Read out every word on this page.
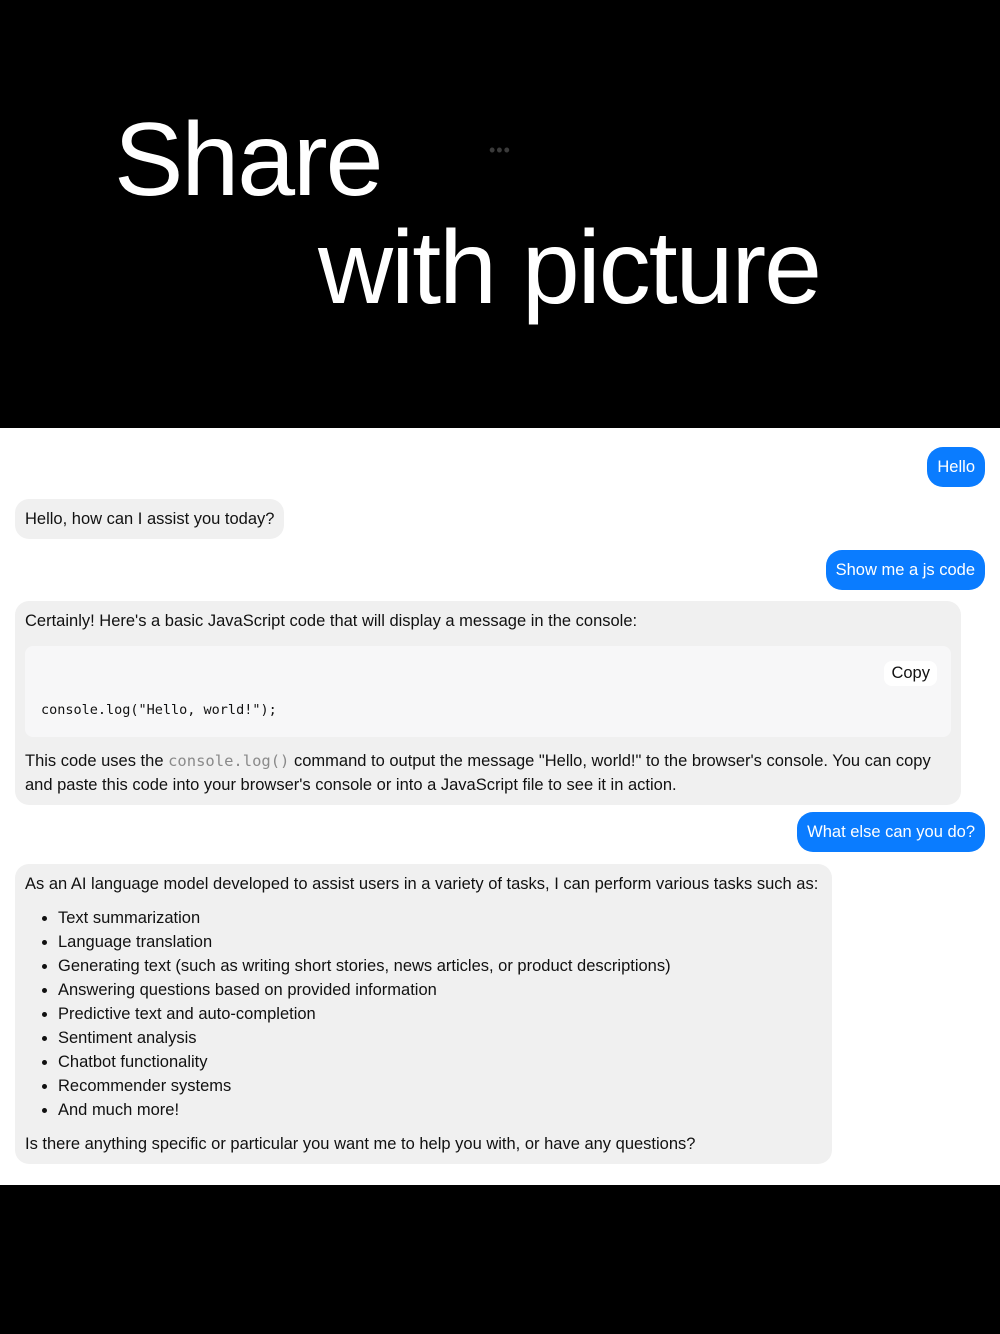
Share	•••
with picture
Hello
Hello, how can I assist you today?
Show me a js code

Certainly! Here's a basic JavaScript code that will display a message in the console:

Copy
console.log("Hello, world!");

This code uses the console.log() command to output the message "Hello, world!" to the browser's console. You can copy and paste this code into your browser's console or into a JavaScript file to see it in action.

What else can you do?

As an AI language model developed to assist users in a variety of tasks, I can perform various tasks such as:

• Text summarization
• Language translation
• Generating text (such as writing short stories, news articles, or product descriptions)
• Answering questions based on provided information
• Predictive text and auto-completion
• Sentiment analysis
• Chatbot functionality
• Recommender systems
• And much more!

Is there anything specific or particular you want me to help you with, or have any questions?
